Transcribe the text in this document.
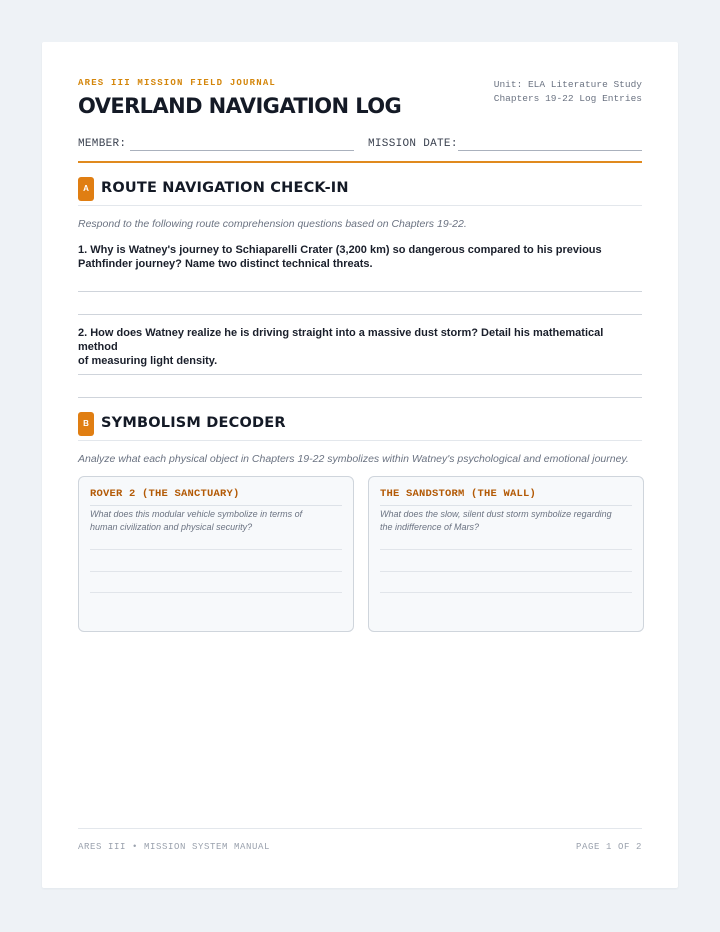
ARES III MISSION FIELD JOURNAL
OVERLAND NAVIGATION LOG
Unit: ELA Literature Study
Chapters 19-22 Log Entries
MEMBER:	MISSION DATE:
A ROUTE NAVIGATION CHECK-IN
Respond to the following route comprehension questions based on Chapters 19-22.
1. Why is Watney's journey to Schiaparelli Crater (3,200 km) so dangerous compared to his previous
Pathfinder journey? Name two distinct technical threats.
2. How does Watney realize he is driving straight into a massive dust storm? Detail his mathematical method
of measuring light density.
B SYMBOLISM DECODER
Analyze what each physical object in Chapters 19-22 symbolizes within Watney's psychological and emotional journey.
ROVER 2 (THE SANCTUARY)
What does this modular vehicle symbolize in terms of
human civilization and physical security?
THE SANDSTORM (THE WALL)
What does the slow, silent dust storm symbolize regarding
the indifference of Mars?
ARES III • MISSION SYSTEM MANUAL	PAGE 1 OF 2
